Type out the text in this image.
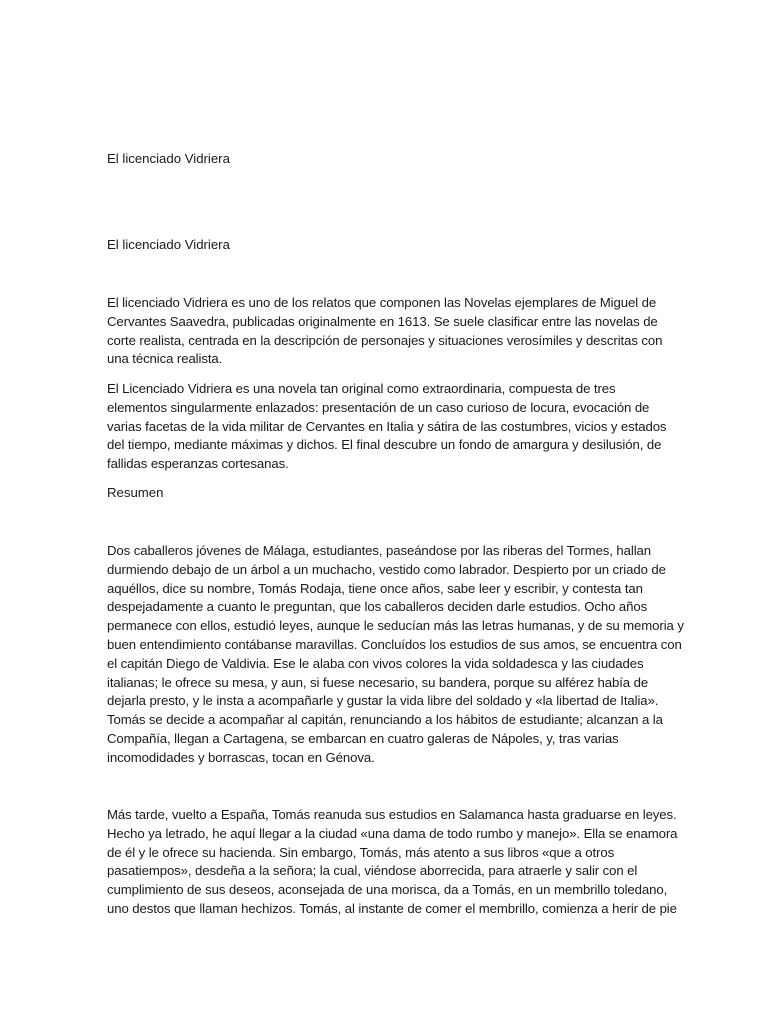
El licenciado Vidriera

El licenciado Vidriera

El licenciado Vidriera es uno de los relatos que componen las Novelas ejemplares de Miguel de
Cervantes Saavedra, publicadas originalmente en 1613. Se suele clasificar entre las novelas de
corte realista, centrada en la descripción de personajes y situaciones verosímiles y descritas con
una técnica realista.
El Licenciado Vidriera es una novela tan original como extraordinaria, compuesta de tres
elementos singularmente enlazados: presentación de un caso curioso de locura, evocación de
varias facetas de la vida militar de Cervantes en Italia y sátira de las costumbres, vicios y estados
del tiempo, mediante máximas y dichos. El final descubre un fondo de amargura y desilusión, de
fallidas esperanzas cortesanas.

Resumen

Dos caballeros jóvenes de Málaga, estudiantes, paseándose por las riberas del Tormes, hallan
durmiendo debajo de un árbol a un muchacho, vestido como labrador. Despierto por un criado de
aquéllos, dice su nombre, Tomás Rodaja, tiene once años, sabe leer y escribir, y contesta tan
despejadamente a cuanto le preguntan, que los caballeros deciden darle estudios. Ocho años
permanece con ellos, estudió leyes, aunque le seducían más las letras humanas, y de su memoria y
buen entendimiento contábanse maravillas. Concluídos los estudios de sus amos, se encuentra con
el capitán Diego de Valdivia. Ese le alaba con vivos colores la vida soldadesca y las ciudades
italianas; le ofrece su mesa, y aun, si fuese necesario, su bandera, porque su alférez había de
dejarla presto, y le insta a acompañarle y gustar la vida libre del soldado y «la libertad de Italia».
Tomás se decide a acompañar al capitán, renunciando a los hábitos de estudiante; alcanzan a la
Compañía, llegan a Cartagena, se embarcan en cuatro galeras de Nápoles, y, tras varias
incomodidades y borrascas, tocan en Génova.
Más tarde, vuelto a España, Tomás reanuda sus estudios en Salamanca hasta graduarse en leyes.
Hecho ya letrado, he aquí llegar a la ciudad «una dama de todo rumbo y manejo». Ella se enamora
de él y le ofrece su hacienda. Sin embargo, Tomás, más atento a sus libros «que a otros
pasatiempos», desdeña a la señora; la cual, viéndose aborrecida, para atraerle y salir con el
cumplimiento de sus deseos, aconsejada de una morisca, da a Tomás, en un membrillo toledano,
uno destos que llaman hechizos. Tomás, al instante de comer el membrillo, comienza a herir de pie
